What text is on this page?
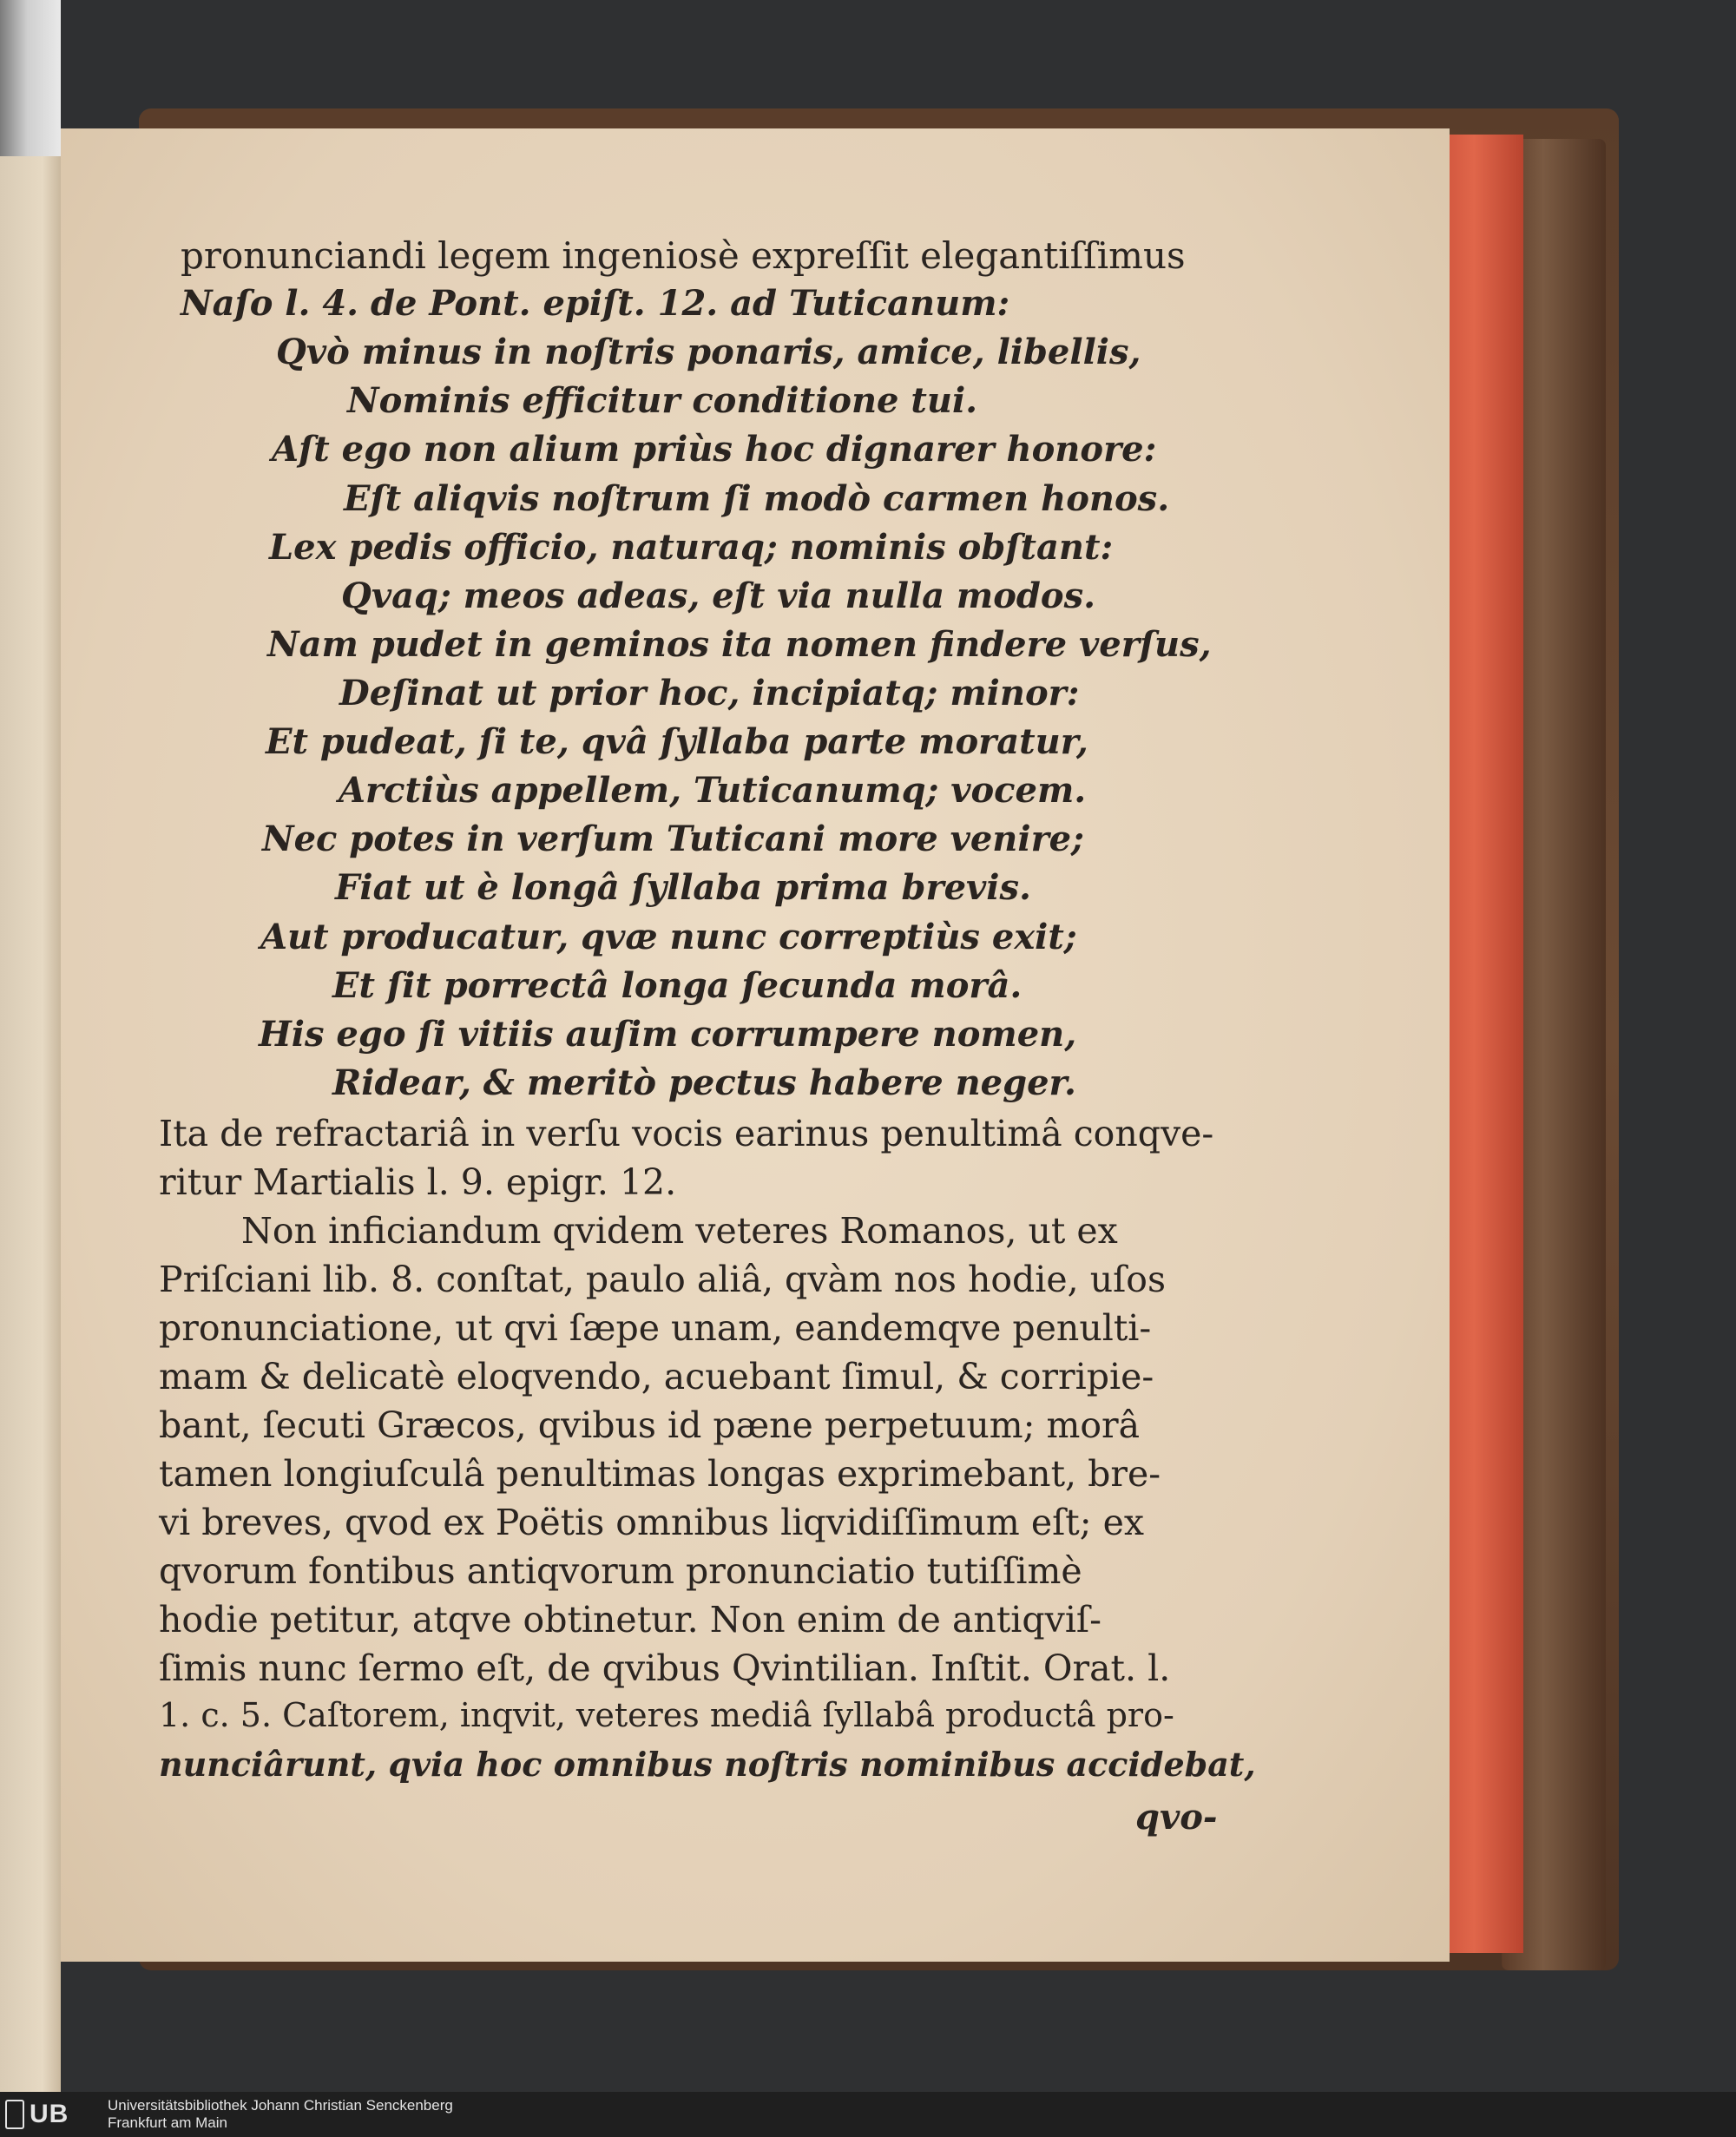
pronunciandi legem ingeniosè expreſſit elegantiſſimus
Naſo l. 4. de Pont. epiſt. 12. ad Tuticanum:
Qvò minus in noſtris ponaris, amice, libellis,
Nominis efficitur conditione tui.
Aſt ego non alium priùs hoc dignarer honore:
Eſt aliqvis noſtrum ſi modò carmen honos.
Lex pedis officio, naturaq; nominis obſtant:
Qvaq; meos adeas, eſt via nulla modos.
Nam pudet in geminos ita nomen findere verſus,
Deſinat ut prior hoc, incipiatq; minor:
Et pudeat, ſi te, qvâ ſyllaba parte moratur,
Arctiùs appellem, Tuticanumq; vocem.
Nec potes in verſum Tuticani more venire;
Fiat ut è longâ ſyllaba prima brevis.
Aut producatur, qvæ nunc correptiùs exit;
Et ſit porrectâ longa ſecunda morâ.
His ego ſi vitiis auſim corrumpere nomen,
Ridear, & meritò pectus habere neger.
Ita de refractariâ in verſu vocis earinus penultimâ conqve-
ritur Martialis l. 9. epigr. 12.
Non inficiandum qvidem veteres Romanos, ut ex
Priſciani lib. 8. conſtat, paulo aliâ, qvàm nos hodie, uſos
pronunciatione, ut qvi ſæpe unam, eandemqve penulti-
mam & delicatè eloqvendo, acuebant ſimul, & corripie-
bant, ſecuti Græcos, qvibus id pæne perpetuum; morâ
tamen longiuſculâ penultimas longas exprimebant, bre-
vi breves, qvod ex Poëtis omnibus liqvidiſſimum eſt; ex
qvorum fontibus antiqvorum pronunciatio tutiſſimè
hodie petitur, atqve obtinetur. Non enim de antiqviſ-
ſimis nunc ſermo eſt, de qvibus Qvintilian. Inſtit. Orat. l.
1. c. 5. Caſtorem, inqvit, veteres mediâ ſyllabâ productâ pro-
nunciârunt, qvia hoc omnibus noſtris nominibus accidebat,
qvo-
UB	Universitätsbibliothek Johann Christian Senckenberg
Frankfurt am Main
